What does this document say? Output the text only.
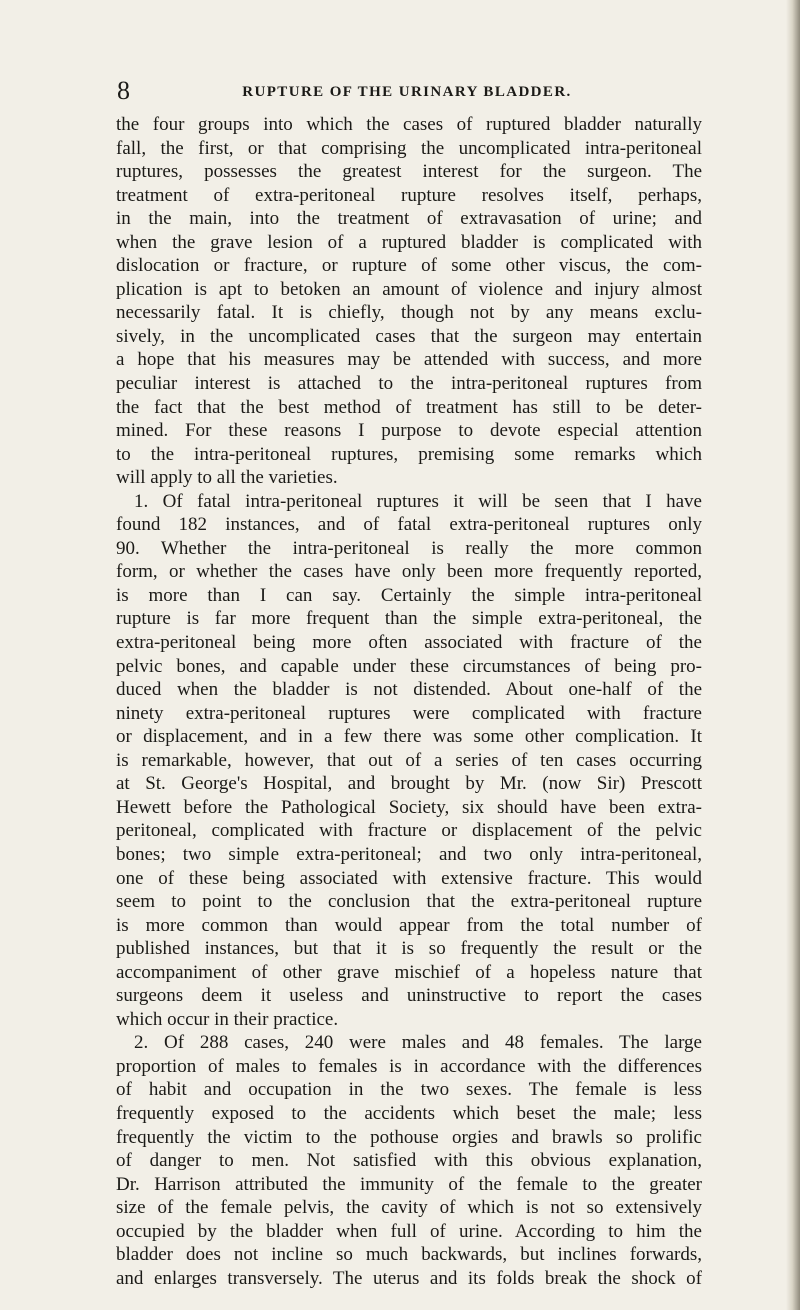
8	RUPTURE OF THE URINARY BLADDER.
the four groups into which the cases of ruptured bladder naturally
fall, the first, or that comprising the uncomplicated intra-peritoneal
ruptures, possesses the greatest interest for the surgeon. The
treatment of extra-peritoneal rupture resolves itself, perhaps,
in the main, into the treatment of extravasation of urine; and
when the grave lesion of a ruptured bladder is complicated with
dislocation or fracture, or rupture of some other viscus, the com-
plication is apt to betoken an amount of violence and injury almost
necessarily fatal. It is chiefly, though not by any means exclu-
sively, in the uncomplicated cases that the surgeon may entertain
a hope that his measures may be attended with success, and more
peculiar interest is attached to the intra-peritoneal ruptures from
the fact that the best method of treatment has still to be deter-
mined. For these reasons I purpose to devote especial attention
to the intra-peritoneal ruptures, premising some remarks which
will apply to all the varieties.
1. Of fatal intra-peritoneal ruptures it will be seen that I have
found 182 instances, and of fatal extra-peritoneal ruptures only
90. Whether the intra-peritoneal is really the more common
form, or whether the cases have only been more frequently reported,
is more than I can say. Certainly the simple intra-peritoneal
rupture is far more frequent than the simple extra-peritoneal, the
extra-peritoneal being more often associated with fracture of the
pelvic bones, and capable under these circumstances of being pro-
duced when the bladder is not distended. About one-half of the
ninety extra-peritoneal ruptures were complicated with fracture
or displacement, and in a few there was some other complication. It
is remarkable, however, that out of a series of ten cases occurring
at St. George's Hospital, and brought by Mr. (now Sir) Prescott
Hewett before the Pathological Society, six should have been extra-
peritoneal, complicated with fracture or displacement of the pelvic
bones; two simple extra-peritoneal; and two only intra-peritoneal,
one of these being associated with extensive fracture. This would
seem to point to the conclusion that the extra-peritoneal rupture
is more common than would appear from the total number of
published instances, but that it is so frequently the result or the
accompaniment of other grave mischief of a hopeless nature that
surgeons deem it useless and uninstructive to report the cases
which occur in their practice.
2. Of 288 cases, 240 were males and 48 females. The large
proportion of males to females is in accordance with the differences
of habit and occupation in the two sexes. The female is less
frequently exposed to the accidents which beset the male; less
frequently the victim to the pothouse orgies and brawls so prolific
of danger to men. Not satisfied with this obvious explanation,
Dr. Harrison attributed the immunity of the female to the greater
size of the female pelvis, the cavity of which is not so extensively
occupied by the bladder when full of urine. According to him the
bladder does not incline so much backwards, but inclines forwards,
and enlarges transversely. The uterus and its folds break the shock of
